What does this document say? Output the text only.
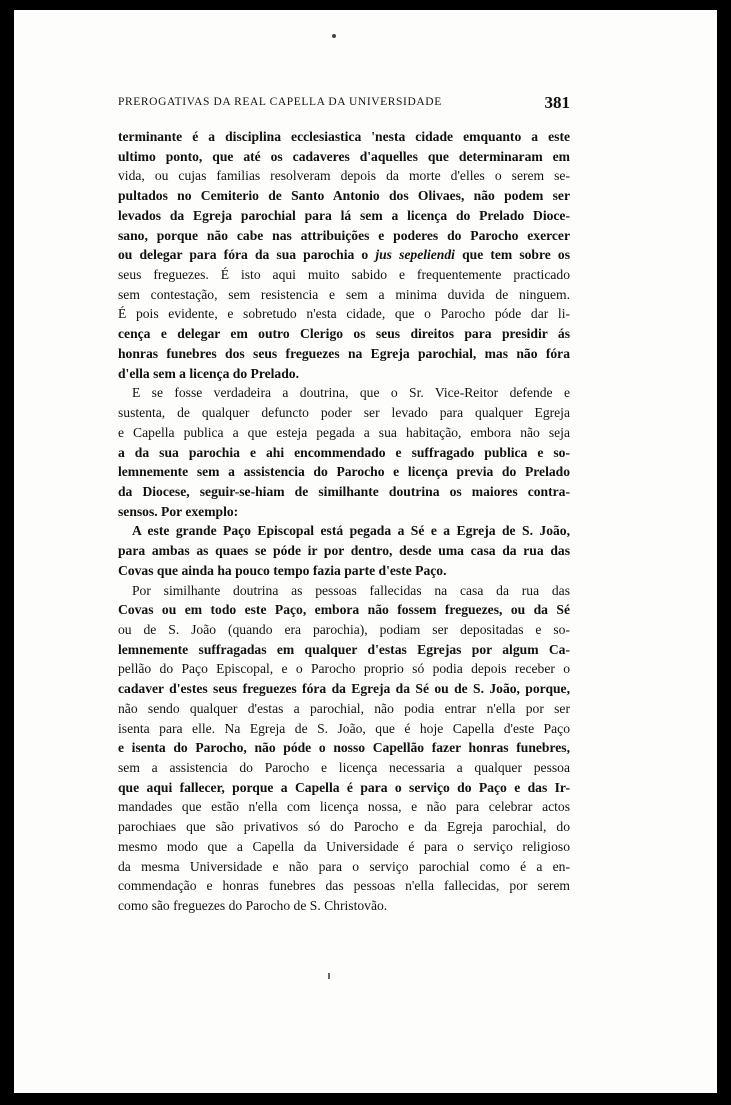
PREROGATIVAS DA REAL CAPELLA DA UNIVERSIDADE	381
terminante é a disciplina ecclesiastica 'nesta cidade emquanto a este
ultimo ponto, que até os cadaveres d'aquelles que determinaram em
vida, ou cujas familias resolveram depois da morte d'elles o serem se-
pultados no Cemiterio de Santo Antonio dos Olivaes, não podem ser
levados da Egreja parochial para lá sem a licença do Prelado Dioce-
sano, porque não cabe nas attribuições e poderes do Parocho exercer
ou delegar para fóra da sua parochia o jus sepeliendi que tem sobre os
seus freguezes. É isto aqui muito sabido e frequentemente practicado
sem contestação, sem resistencia e sem a minima duvida de ninguem.
É pois evidente, e sobretudo n'esta cidade, que o Parocho póde dar li-
cença e delegar em outro Clerigo os seus direitos para presidir ás
honras funebres dos seus freguezes na Egreja parochial, mas não fóra
d'ella sem a licença do Prelado.
E se fosse verdadeira a doutrina, que o Sr. Vice-Reitor defende e
sustenta, de qualquer defuncto poder ser levado para qualquer Egreja
e Capella publica a que esteja pegada a sua habitação, embora não seja
a da sua parochia e ahi encommendado e suffragado publica e so-
lemnemente sem a assistencia do Parocho e licença previa do Prelado
da Diocese, seguir-se-hiam de similhante doutrina os maiores contra-
sensos. Por exemplo:
A este grande Paço Episcopal está pegada a Sé e a Egreja de S. João,
para ambas as quaes se póde ir por dentro, desde uma casa da rua das
Covas que ainda ha pouco tempo fazia parte d'este Paço.
Por similhante doutrina as pessoas fallecidas na casa da rua das
Covas ou em todo este Paço, embora não fossem freguezes, ou da Sé
ou de S. João (quando era parochia), podiam ser depositadas e so-
lemnemente suffragadas em qualquer d'estas Egrejas por algum Ca-
pellão do Paço Episcopal, e o Parocho proprio só podia depois receber o
cadaver d'estes seus freguezes fóra da Egreja da Sé ou de S. João, porque,
não sendo qualquer d'estas a parochial, não podia entrar n'ella por ser
isenta para elle. Na Egreja de S. João, que é hoje Capella d'este Paço
e isenta do Parocho, não póde o nosso Capellão fazer honras funebres,
sem a assistencia do Parocho e licença necessaria a qualquer pessoa
que aqui fallecer, porque a Capella é para o serviço do Paço e das Ir-
mandades que estão n'ella com licença nossa, e não para celebrar actos
parochiaes que são privativos só do Parocho e da Egreja parochial, do
mesmo modo que a Capella da Universidade é para o serviço religioso
da mesma Universidade e não para o serviço parochial como é a en-
commendação e honras funebres das pessoas n'ella fallecidas, por serem
como são freguezes do Parocho de S. Christovão.
